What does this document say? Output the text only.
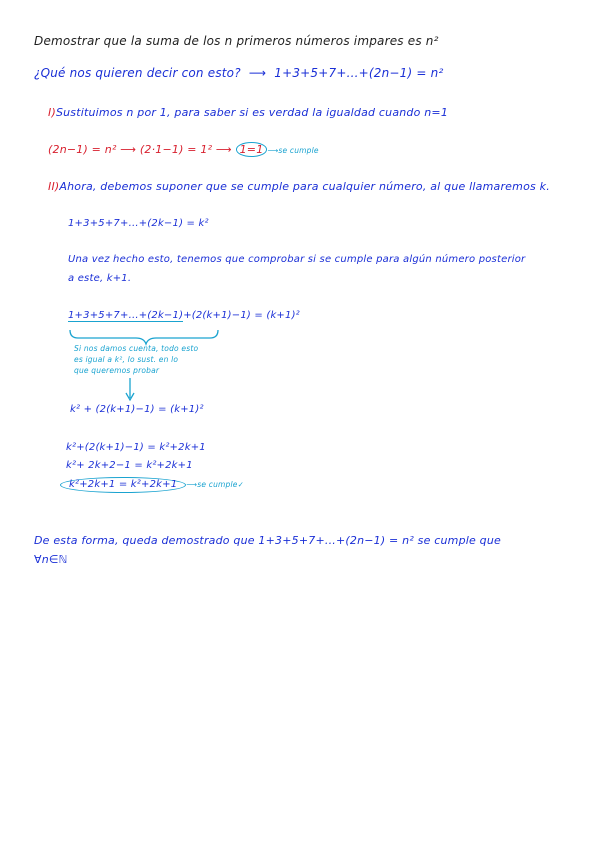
Demostrar que la suma de los n primeros números impares es n²
¿Qué nos quieren decir con esto? ⟶ 1+3+5+7+...+(2n−1) = n²
I)Sustituimos n por 1, para saber si es verdad la igualdad cuando n=1
(2n−1) = n² ⟶ (2·1−1) = 1² ⟶ 1=1 ⟶se cumple
II)Ahora, debemos suponer que se cumple para cualquier número, al que llamaremos k.
1+3+5+7+...+(2k−1) = k²
Una vez hecho esto, tenemos que comprobar si se cumple para algún número posterior
a este, k+1.
1+3+5+7+...+(2k−1)+(2(k+1)−1) = (k+1)²
Si nos damos cuenta, todo esto
es igual a k², lo sust. en lo
que queremos probar
k² + (2(k+1)−1) = (k+1)²
k²+(2(k+1)−1) = k²+2k+1
k²+ 2k+2−1 = k²+2k+1
k²+2k+1 = k²+2k+1 ⟶se cumple✓
De esta forma, queda demostrado que 1+3+5+7+...+(2n−1) = n² se cumple que
∀n∈ℕ
